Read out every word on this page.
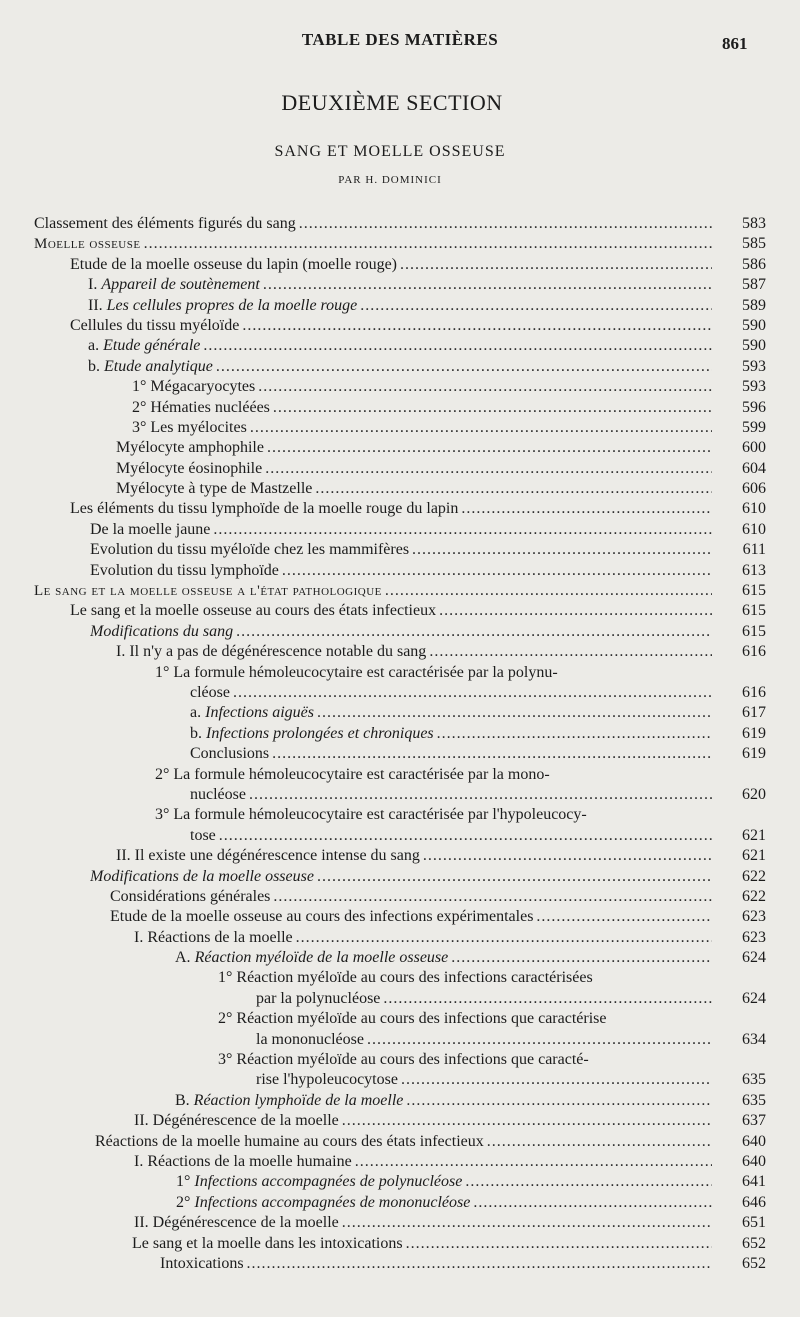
TABLE DES MATIÈRES	861
DEUXIÈME SECTION
SANG ET MOELLE OSSEUSE
PAR H. DOMINICI
Classement des éléments figurés du sang .....	583
Moelle osseuse .....	585
Etude de la moelle osseuse du lapin (moelle rouge) .....	586
I. Appareil de soutènement .....	587
II. Les cellules propres de la moelle rouge .....	589
Cellules du tissu myéloïde .....	590
a. Etude générale .....	590
b. Etude analytique .....	593
1° Mégacaryocytes .....	593
2° Hématies nucléées .....	596
3° Les myélocites .....	599
Myélocyte amphophile .....	600
Myélocyte éosinophile .....	604
Myélocyte à type de Mastzelle .....	606
Les éléments du tissu lymphoïde de la moelle rouge du lapin .....	610
De la moelle jaune .....	610
Evolution du tissu myéloïde chez les mammifères .....	611
Evolution du tissu lymphoïde .....	613
Le sang et la moelle osseuse a l'état pathologique .....	615
Le sang et la moelle osseuse au cours des états infectieux .....	615
Modifications du sang .....	615
I. Il n'y a pas de dégénérescence notable du sang .....	616
1° La formule hémoleucocytaire est caractérisée par la polynu-
cléose .....	616
a. Infections aiguës .....	617
b. Infections prolongées et chroniques .....	619
Conclusions .....	619
2° La formule hémoleucocytaire est caractérisée par la mono-
nucléose .....	620
3° La formule hémoleucocytaire est caractérisée par l'hypoleucocy-
tose .....	621
II. Il existe une dégénérescence intense du sang .....	621
Modifications de la moelle osseuse .....	622
Considérations générales .....	622
Etude de la moelle osseuse au cours des infections expérimentales .....	623
I. Réactions de la moelle .....	623
A. Réaction myéloïde de la moelle osseuse .....	624
1° Réaction myéloïde au cours des infections caractérisées
par la polynucléose .....	624
2° Réaction myéloïde au cours des infections que caractérise
la mononucléose .....	634
3° Réaction myéloïde au cours des infections que caracté-
rise l'hypoleucocytose .....	635
B. Réaction lymphoïde de la moelle .....	635
II. Dégénérescence de la moelle .....	637
Réactions de la moelle humaine au cours des états infectieux .....	640
I. Réactions de la moelle humaine .....	640
1° Infections accompagnées de polynucléose .....	641
2° Infections accompagnées de mononucléose .....	646
II. Dégénérescence de la moelle .....	651
Le sang et la moelle dans les intoxications .....	652
Intoxications .....	652
